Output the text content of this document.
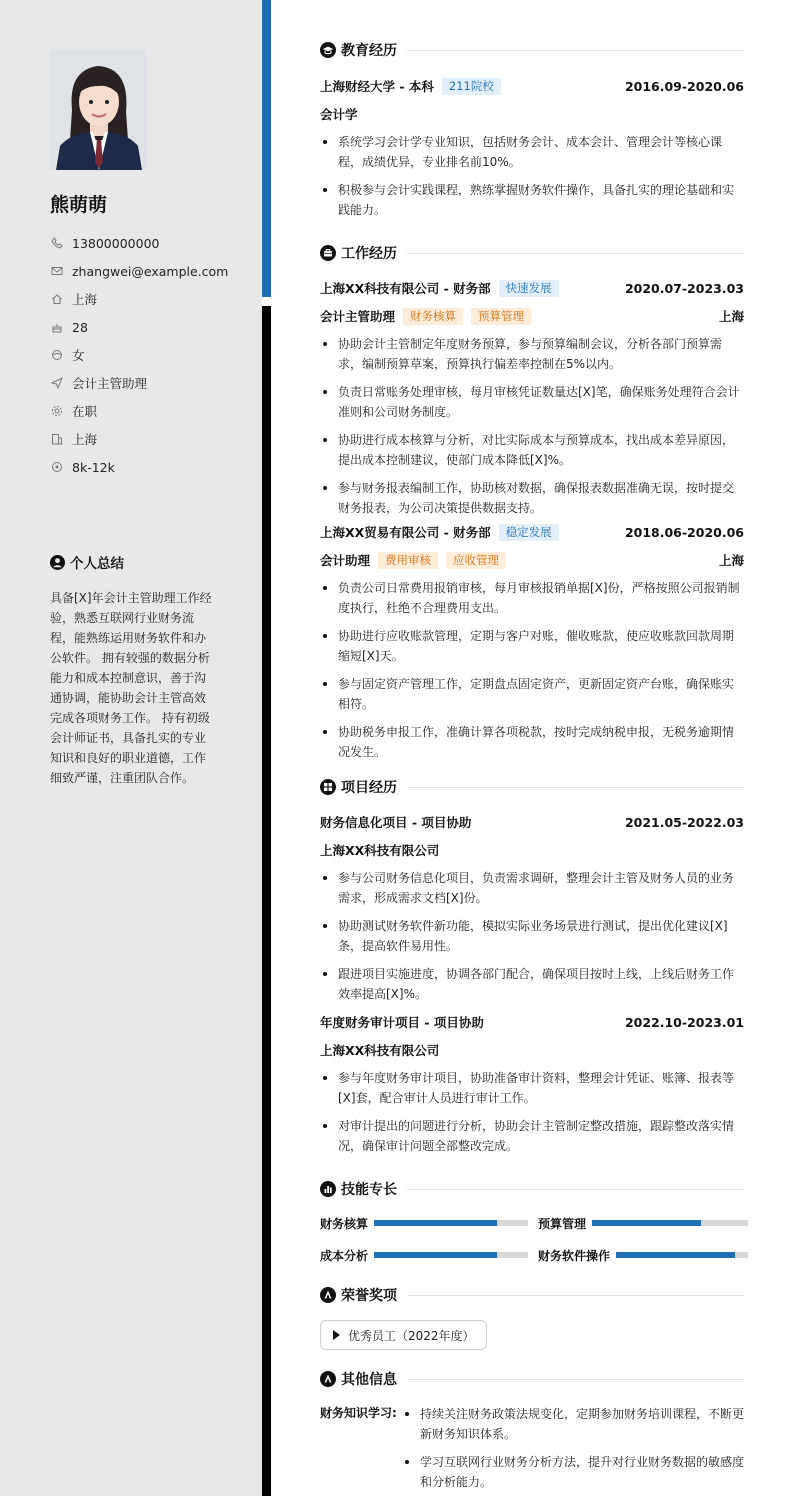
熊萌萌
13800000000
zhangwei@example.com
上海
28
女
会计主管助理
在职
上海
8k-12k
个人总结
具备[X]年会计主管助理工作经验，熟悉互联网行业财务流程，能熟练运用财务软件和办公软件。 拥有较强的数据分析能力和成本控制意识，善于沟通协调，能协助会计主管高效完成各项财务工作。 持有初级会计师证书，具备扎实的专业知识和良好的职业道德，工作细致严谨，注重团队合作。
教育经历
上海财经大学 - 本科	211院校	2016.09-2020.06
会计学
系统学习会计学专业知识，包括财务会计、成本会计、管理会计等核心课程，成绩优异，专业排名前10%。
积极参与会计实践课程，熟练掌握财务软件操作，具备扎实的理论基础和实践能力。
工作经历
上海XX科技有限公司 - 财务部	快速发展	2020.07-2023.03
会计主管助理	财务核算	预算管理	上海
协助会计主管制定年度财务预算，参与预算编制会议，分析各部门预算需求，编制预算草案，预算执行偏差率控制在5%以内。
负责日常账务处理审核，每月审核凭证数量达[X]笔，确保账务处理符合会计准则和公司财务制度。
协助进行成本核算与分析，对比实际成本与预算成本，找出成本差异原因，提出成本控制建议，使部门成本降低[X]%。
参与财务报表编制工作，协助核对数据，确保报表数据准确无误，按时提交财务报表，为公司决策提供数据支持。
上海XX贸易有限公司 - 财务部	稳定发展	2018.06-2020.06
会计助理	费用审核	应收管理	上海
负责公司日常费用报销审核，每月审核报销单据[X]份，严格按照公司报销制度执行，杜绝不合理费用支出。
协助进行应收账款管理，定期与客户对账，催收账款，使应收账款回款周期缩短[X]天。
参与固定资产管理工作，定期盘点固定资产，更新固定资产台账，确保账实相符。
协助税务申报工作，准确计算各项税款，按时完成纳税申报，无税务逾期情况发生。
项目经历
财务信息化项目 - 项目协助	2021.05-2022.03
上海XX科技有限公司
参与公司财务信息化项目，负责需求调研，整理会计主管及财务人员的业务需求，形成需求文档[X]份。
协助测试财务软件新功能，模拟实际业务场景进行测试，提出优化建议[X]条，提高软件易用性。
跟进项目实施进度，协调各部门配合，确保项目按时上线，上线后财务工作效率提高[X]%。
年度财务审计项目 - 项目协助	2022.10-2023.01
上海XX科技有限公司
参与年度财务审计项目，协助准备审计资料，整理会计凭证、账簿、报表等[X]套，配合审计人员进行审计工作。
对审计提出的问题进行分析，协助会计主管制定整改措施，跟踪整改落实情况，确保审计问题全部整改完成。
技能专长
财务核算	预算管理
成本分析	财务软件操作
荣誉奖项
优秀员工（2022年度）
其他信息
财务知识学习:	持续关注财务政策法规变化，定期参加财务培训课程，不断更新财务知识体系。
学习互联网行业财务分析方法，提升对行业财务数据的敏感度和分析能力。
